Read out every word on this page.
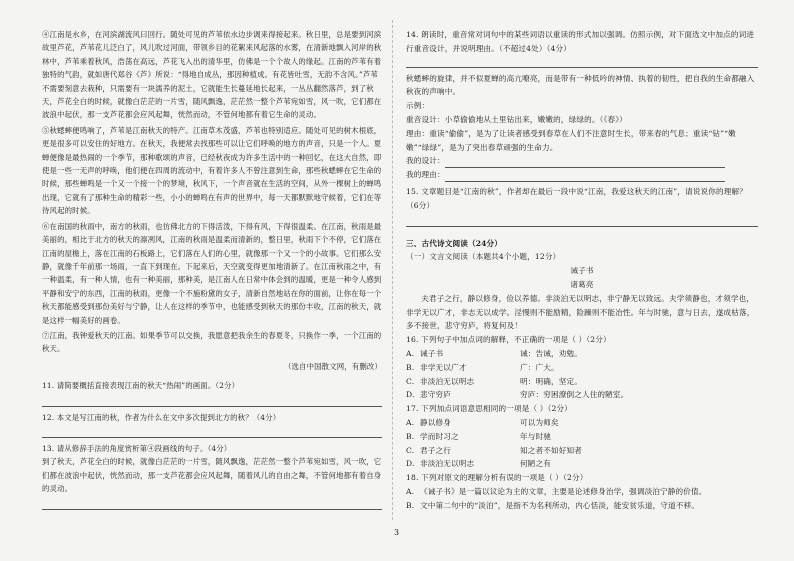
④江南是水乡，在河滨湖流风曰回行。随处可见的芦苇依水边步调来得接起来。秋日里，总是要到河滨故里芦花，芦苇花儿泛白了，风儿吹过河面，带领乡目的花絮来风起落的水雾，在清新地飘入河岸的秋林中，芦苇乘着秋风，浩荡在高远，芦花飞入出的清华里，仿佛是一个个故人的缘起。江南的芦苇有着独特的气韵，就如唐代郑谷《芦》所说：“得地自成丛，那因种植成。有花皆吐雪，无韵不含风。”芦苇不需要刻意去栽种，只需要有一块濡养的泥土，它就能生长蔓延地长起来，一丛丛翻然落芦，到了秋天，芦花全白的时候，就像白茫茫的一片雪，随风飘逸，茫茫然一整个芦苇宛如雪，风一吹，它们都在波浪中起伏，那一支芦花都会应风起舞，恍然而动，不管何地都有着它生命的灵动。

⑤秋蟋蟀便鸣响了，芦苇是江南秋天的特产。江南草木茂盛，芦苇也特别适应。随处可见的树木根底，更是很多可以安住的好地方。在秋天，我便常去找那些可以让它们呼唤的地方的声音，只是一个人。夏蝉便像是最热闹的一个季节，那种歌颂的声音，已经秋夜成为许多生活中的一种回忆，在这大自然，即使是一些一无声的呼唤，他们便在四周的流动中，有着许多人不曾注意到生命，那些秋蟋蟀在它生命的时候，那些蝉鸣是一个又一个接一个的梦境，秋风下，一个声音就在生活的空间，从外一棵树上的蝉鸣出现，它就有了那种生命的精彩一些，小小的蝉鸣在有声的世界中，每一天都默默地守候着，它们在等待风起的时候。

⑥在南国的秋雨中，南方的秋雨，也仿佛北方的下得活泼，下得有风，下得很温柔。在江南，秋雨是最美丽的，相比于北方的秋天的凛冽风，江南的秋雨是温柔而清新的，整日里，秋雨下个不停，它们落在江南的屋檐上，落在江南的石板路上，它们落在人们的心里，就像那一个又一个的小故事。它们那么安静，就像千年前那一场雨，一直下到现在。下起来后，天空就变得更加地清新了。在江南秋雨之中，有一种温柔，有一种人情，也有一种美丽，那种美，是江南人在日常中体会到的温暖，更是一种令人感到平静和安宁的东西，江南的秋雨，更像一个不施粉黛的女子，清新自然地站在你的面前，让你在每一个秋天都能感受到那份美好与宁静，让人在这样的季节中，也能感受到秋天的那份丰收，江南的秋天，就是这样一幅美好的画卷。

⑦江南，我钟爱秋天的江南。如果季节可以交换，我愿意把我余生的春夏冬，只换作一季，一个江南的秋天。

（选自中国散文网，有删改）

11. 请简要概括直接表现江南的秋天“热闹”的画面。（2分）

12. 本文是写江南的秋，作者为什么在文中多次提到北方的秋？（4分）

13. 请从修辞手法的角度赏析第④段画线的句子。（4分）

到了秋天，芦花全白的时候，就像白茫茫的一片雪，随风飘逸，茫茫然一整个芦苇宛如雪，风一吹，它们都在波浪中起伏，恍然而动，那一支芦花都会应风起舞，随着风儿的自由之舞，不管何地都有着自身的灵动。

14. 朗读时，重音常对词句中的某些词语以重读的形式加以强调。仿照示例，对下面选文中加点的词进行重音设计，并说明理由。（不超过4处）（4分）

秋蟋蟀的旋律，并不似夏蝉的高亢嘹亮，而是带有一种低吟的神情、执着的韧性，把自我的生命都融入秋夜的声响中。

示例：

重音设计：小草偷偷地从土里钻出来，嫩嫩的，绿绿的。（《春》）

理由：重读“偷偷”，是为了让读者感受到春草在人们不注意时生长，带来春的气息；重读“钻”“嫩嫩”“绿绿”，是为了突出春草顽强的生命力。

我的设计：

我的理由：

15. 文章题目是“江南的秋”，作者却在最后一段中说“江南，我爱这秋天的江南”，请说说你的理解？（6分）

三、古代诗文阅读（24分）

（一）文言文阅读（本题共4个小题，12分）

诫子书

诸葛亮

夫君子之行，静以修身，俭以养德。非淡泊无以明志，非宁静无以致远。夫学须静也，才须学也，非学无以广才，非志无以成学。淫慢则不能励精，险躁则不能冶性。年与时驰，意与日去，遂成枯落，多不接世，悲守穷庐，将复何及！

16. 下列句子中加点词的解释，不正确的一项是（ ）（2分）

A. 诫子书	诫：告诫，劝勉。
B. 非学无以广才	广：广大。
C. 非淡泊无以明志	明：明确，坚定。
D. 悲守穷庐	穷庐：穷困潦倒之人住的陋室。

17. 下列加点词语意思相同的一项是（ ）（2分）

A. 静以修身	可以为师矣
B. 学而时习之	年与时驰
C. 君子之行	知之者不如好知者
D. 非淡泊无以明志	何陋之有

18. 下列对原文的理解分析有误的一项是（ ）（2分）

A. 《诫子书》是一篇以议论为主的文章，主要是论述修身治学，强调淡泊宁静的价值。
B. 文中第二句中的“淡泊”，是指不为名利所动，内心恬淡，能安贫乐道，守道不移。
3
